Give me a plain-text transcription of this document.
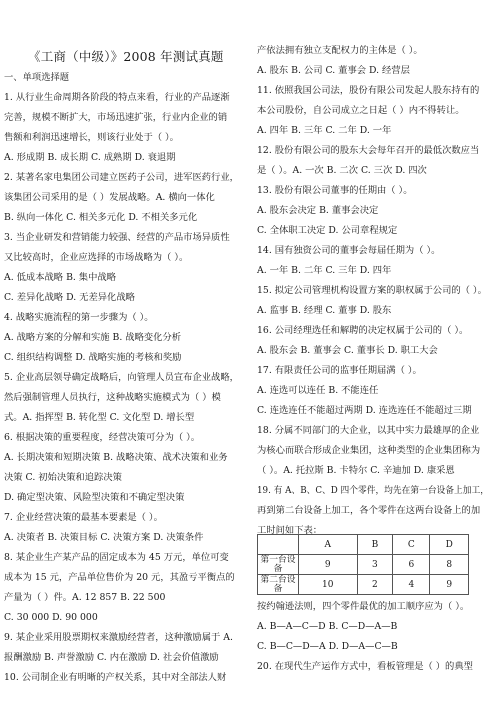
《工商（中级）》2008 年测试真题
一、单项选择题
1. 从行业生命周期各阶段的特点来看，行业的产品逐渐
完善，规模不断扩大，市场迅速扩张，行业内企业的销
售额和利润迅速增长，则该行业处于（ ）。
A. 形成期 B. 成长期 C. 成熟期 D. 衰退期
2. 某著名家电集团公司建立医药子公司，进军医药行业，
该集团公司采用的是（ ）发展战略。A. 横向一体化
B. 纵向一体化 C. 相关多元化 D. 不相关多元化
3. 当企业研发和营销能力较强、经营的产品市场异质性
又比较高时，企业应选择的市场战略为（ ）。
A. 低成本战略 B. 集中战略
C. 差异化战略 D. 无差异化战略
4. 战略实施流程的第一步骤为（ ）。
A. 战略方案的分解和实施 B. 战略变化分析
C. 组织结构调整 D. 战略实施的考核和奖励
5. 企业高层领导确定战略后，向管理人员宣布企业战略，
然后强制管理人员执行，这种战略实施模式为（ ）模
式。A. 指挥型 B. 转化型 C. 文化型 D. 增长型
6. 根据决策的重要程度，经营决策可分为（ ）。
A. 长期决策和短期决策 B. 战略决策、战术决策和业务
决策 C. 初始决策和追踪决策
D. 确定型决策、风险型决策和不确定型决策
7. 企业经营决策的最基本要素是（ ）。
A. 决策者 B. 决策目标 C. 决策方案 D. 决策条件
8. 某企业生产某产品的固定成本为 45 万元，单位可变
成本为 15 元，产品单位售价为 20 元，其盈亏平衡点的
产量为（ ）件。A. 12 857 B. 22 500
C. 30 000 D. 90 000
9. 某企业采用股票期权来激励经营者，这种激励属于 A.
报酬激励 B. 声誉激励 C. 内在激励 D. 社会价值激励
10. 公司制企业有明晰的产权关系，其中对全部法人财
产依法拥有独立支配权力的主体是（ ）。
A. 股东 B. 公司 C. 董事会 D. 经营层
11. 依照我国公司法，股份有限公司发起人股东持有的
本公司股份，自公司成立之日起（ ）内不得转让。
A. 四年 B. 三年 C. 二年 D. 一年
12. 股份有限公司的股东大会每年召开的最低次数应当
是（ ）。A. 一次 B. 二次 C. 三次 D. 四次
13. 股份有限公司董事的任期由（ ）。
A. 股东会决定 B. 董事会决定
C. 全体职工决定 D. 公司章程规定
14. 国有独资公司的董事会每届任期为（ ）。
A. 一年 B. 二年 C. 三年 D. 四年
15. 拟定公司管理机构设置方案的职权属于公司的（ ）。
A. 监事 B. 经理 C. 董事 D. 股东
16. 公司经理选任和解聘的决定权属于公司的（ ）。
A. 股东会 B. 董事会 C. 董事长 D. 职工大会
17. 有限责任公司的监事任期届满（ ）。
A. 连选可以连任 B. 不能连任
C. 连选连任不能超过两期 D. 连选连任不能超过三期
18. 分属不同部门的大企业，以其中实力最雄厚的企业
为核心而联合形成企业集团，这种类型的企业集团称为
（ ）。A. 托拉斯 B. 卡特尔 C. 辛迪加 D. 康采恩
19. 有 A、B、C、D 四个零件，均先在第一台设备上加工，
再到第二台设备上加工，各个零件在这两台设备上的加
工时间如下表：
按约翰逊法则，四个零件最优的加工顺序应为（ ）。
A. B—A—C—D B. C—D—A—B
C. B—C—D—A D. D—A—C—B
20. 在现代生产运作方式中，看板管理是（ ）的典型
	A	B	C	D
第一台设备	9	3	6	8
第二台设备	10	2	4	9
